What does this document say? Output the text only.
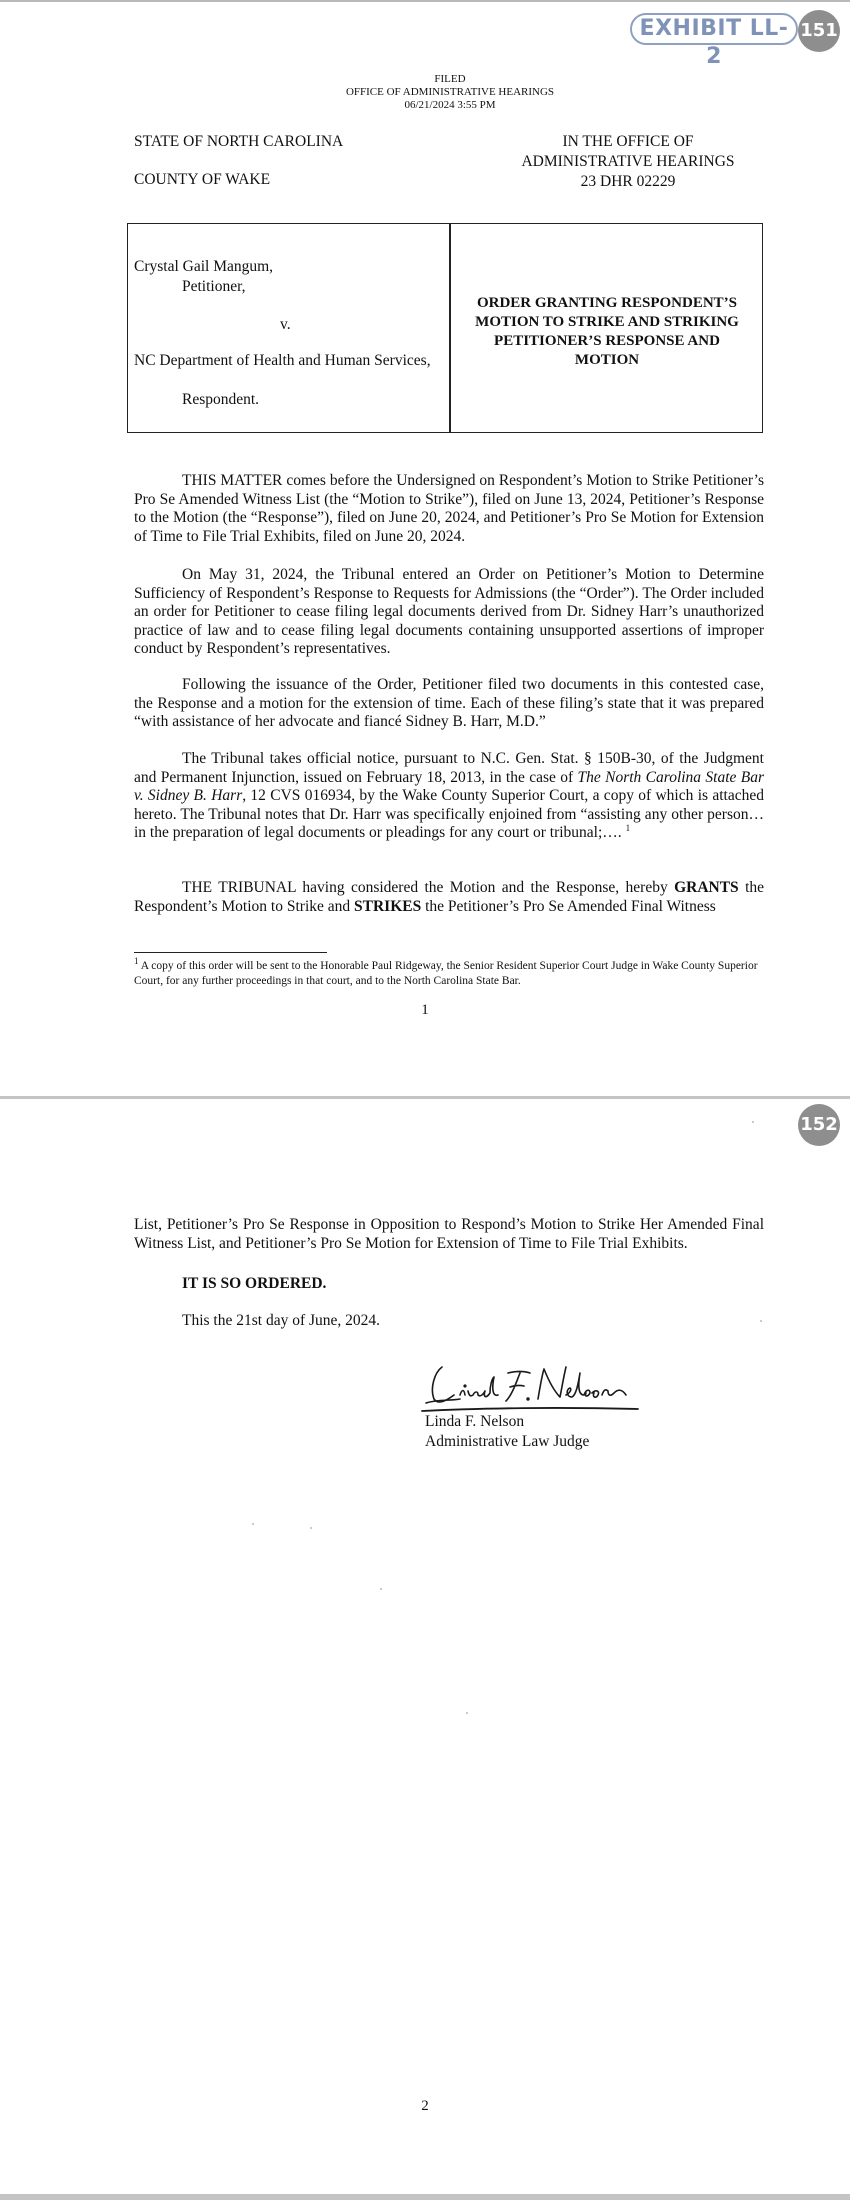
EXHIBIT LL-2
151
FILED
OFFICE OF ADMINISTRATIVE HEARINGS
06/21/2024 3:55 PM
STATE OF NORTH CAROLINA
COUNTY OF WAKE
IN THE OFFICE OF
ADMINISTRATIVE HEARINGS
23 DHR 02229
Crystal Gail Mangum,
Petitioner,
v.
NC Department of Health and Human Services,
Respondent.
ORDER GRANTING RESPONDENT’S MOTION TO STRIKE AND STRIKING PETITIONER’S RESPONSE AND MOTION

THIS MATTER comes before the Undersigned on Respondent’s Motion to Strike Petitioner’s Pro Se Amended Witness List (the “Motion to Strike”), filed on June 13, 2024, Petitioner’s Response to the Motion (the “Response”), filed on June 20, 2024, and Petitioner’s Pro Se Motion for Extension of Time to File Trial Exhibits, filed on June 20, 2024.

On May 31, 2024, the Tribunal entered an Order on Petitioner’s Motion to Determine Sufficiency of Respondent’s Response to Requests for Admissions (the “Order”). The Order included an order for Petitioner to cease filing legal documents derived from Dr. Sidney Harr’s unauthorized practice of law and to cease filing legal documents containing unsupported assertions of improper conduct by Respondent’s representatives.

Following the issuance of the Order, Petitioner filed two documents in this contested case, the Response and a motion for the extension of time. Each of these filing’s state that it was prepared “with assistance of her advocate and fiancé Sidney B. Harr, M.D.”

The Tribunal takes official notice, pursuant to N.C. Gen. Stat. § 150B-30, of the Judgment and Permanent Injunction, issued on February 18, 2013, in the case of The North Carolina State Bar v. Sidney B. Harr, 12 CVS 016934, by the Wake County Superior Court, a copy of which is attached hereto. The Tribunal notes that Dr. Harr was specifically enjoined from “assisting any other person…in the preparation of legal documents or pleadings for any court or tribunal;…. $^1$

THE TRIBUNAL having considered the Motion and the Response, hereby GRANTS the Respondent’s Motion to Strike and STRIKES the Petitioner’s Pro Se Amended Final Witness

$^1$ A copy of this order will be sent to the Honorable Paul Ridgeway, the Senior Resident Superior Court Judge in Wake County Superior Court, for any further proceedings in that court, and to the North Carolina State Bar.
1
152

List, Petitioner’s Pro Se Response in Opposition to Respond’s Motion to Strike Her Amended Final Witness List, and Petitioner’s Pro Se Motion for Extension of Time to File Trial Exhibits.

IT IS SO ORDERED.
This the 21st day of June, 2024.
Linda F. Nelson
Administrative Law Judge
2
